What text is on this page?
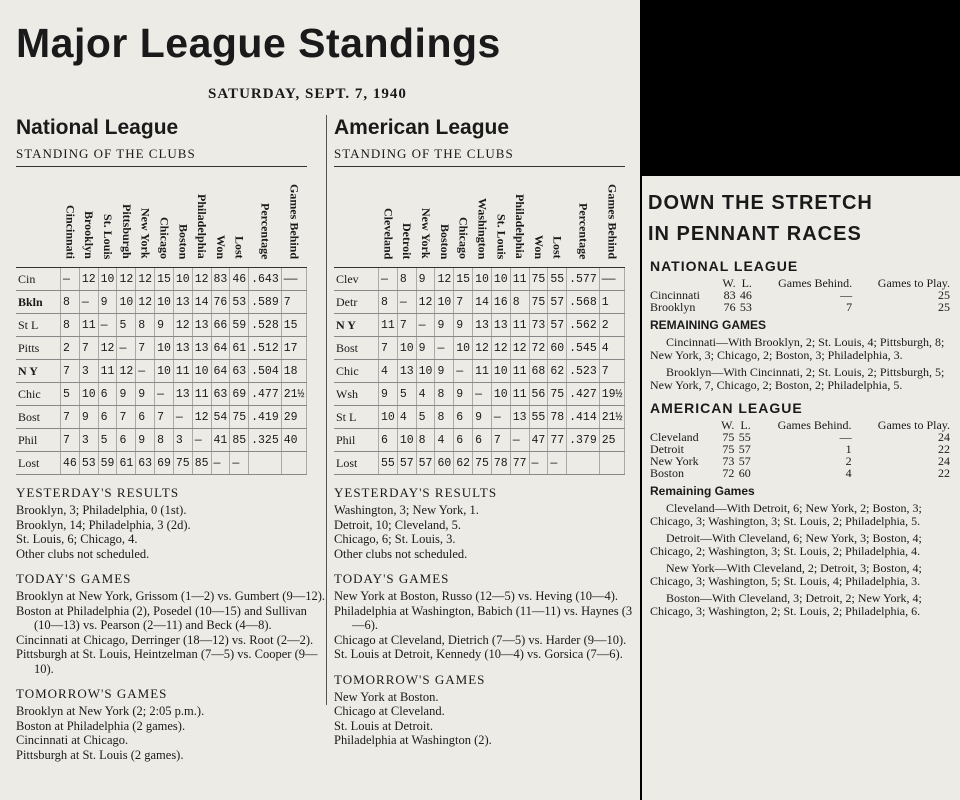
Major League Standings
SATURDAY, SEPT. 7, 1940
National League
STANDING OF THE CLUBS
	Cincinnati	Brooklyn	St. Louis	Pittsburgh	New York	Chicago	Boston	Philadelphia	Won	Lost	Percentage	Games Behind
Cin	—	12	10	12	12	15	10	12	83	46	.643	——
Bkln	8	—	9	10	12	10	13	14	76	53	.589	7
St L	8	11	—	5	8	9	12	13	66	59	.528	15
Pitts	2	7	12	—	7	10	13	13	64	61	.512	17
N Y	7	3	11	12	—	10	11	10	64	63	.504	18
Chic	5	10	6	9	9	—	13	11	63	69	.477	21½
Bost	7	9	6	7	6	7	—	12	54	75	.419	29
Phil	7	3	5	6	9	8	3	—	41	85	.325	40
Lost	46	53	59	61	63	69	75	85	—	—		
YESTERDAY'S RESULTS
Brooklyn, 3; Philadelphia, 0 (1st).
Brooklyn, 14; Philadelphia, 3 (2d).
St. Louis, 6; Chicago, 4.
Other clubs not scheduled.
TODAY'S GAMES
Brooklyn at New York, Grissom (1—2) vs. Gumbert (9—12).
Boston at Philadelphia (2), Posedel (10—15) and Sullivan (10—13) vs. Pearson (2—11) and Beck (4—8).
Cincinnati at Chicago, Derringer (18—12) vs. Root (2—2).
Pittsburgh at St. Louis, Heintzelman (7—5) vs. Cooper (9—10).
TOMORROW'S GAMES
Brooklyn at New York (2; 2:05 p.m.).
Boston at Philadelphia (2 games).
Cincinnati at Chicago.
Pittsburgh at St. Louis (2 games).
American League
STANDING OF THE CLUBS
	Cleveland	Detroit	New York	Boston	Chicago	Washington	St. Louis	Philadelphia	Won	Lost	Percentage	Games Behind
Clev	—	8	9	12	15	10	10	11	75	55	.577	——
Detr	8	—	12	10	7	14	16	8	75	57	.568	1
N Y	11	7	—	9	9	13	13	11	73	57	.562	2
Bost	7	10	9	—	10	12	12	12	72	60	.545	4
Chic	4	13	10	9	—	11	10	11	68	62	.523	7
Wsh	9	5	4	8	9	—	10	11	56	75	.427	19½
St L	10	4	5	8	6	9	—	13	55	78	.414	21½
Phil	6	10	8	4	6	6	7	—	47	77	.379	25
Lost	55	57	57	60	62	75	78	77	—	—		
YESTERDAY'S RESULTS
Washington, 3; New York, 1.
Detroit, 10; Cleveland, 5.
Chicago, 6; St. Louis, 3.
Other clubs not scheduled.
TODAY'S GAMES
New York at Boston, Russo (12—5) vs. Heving (10—4).
Philadelphia at Washington, Babich (11—11) vs. Haynes (3—6).
Chicago at Cleveland, Dietrich (7—5) vs. Harder (9—10).
St. Louis at Detroit, Kennedy (10—4) vs. Gorsica (7—6).
TOMORROW'S GAMES
New York at Boston.
Chicago at Cleveland.
St. Louis at Detroit.
Philadelphia at Washington (2).
DOWN THE STRETCH
IN PENNANT RACES
NATIONAL LEAGUE
	W.	L.	Games Behind.	Games to Play.
Cincinnati	83	46	—	25
Brooklyn	76	53	7	25
REMAINING GAMES
Cincinnati—With Brooklyn, 2; St. Louis, 4; Pittsburgh, 8; New York, 3; Chicago, 2; Boston, 3; Philadelphia, 3.
Brooklyn—With Cincinnati, 2; St. Louis, 2; Pittsburgh, 5; New York, 7, Chicago, 2; Boston, 2; Philadelphia, 5.
AMERICAN LEAGUE
	W.	L.	Games Behind.	Games to Play.
Cleveland	75	55	—	24
Detroit	75	57	1	22
New York	73	57	2	24
Boston	72	60	4	22
Remaining Games
Cleveland—With Detroit, 6; New York, 2; Boston, 3; Chicago, 3; Washington, 3; St. Louis, 2; Philadelphia, 5.
Detroit—With Cleveland, 6; New York, 3; Boston, 4; Chicago, 2; Washington, 3; St. Louis, 2; Philadelphia, 4.
New York—With Cleveland, 2; Detroit, 3; Boston, 4; Chicago, 3; Washington, 5; St. Louis, 4; Philadelphia, 3.
Boston—With Cleveland, 3; Detroit, 2; New York, 4; Chicago, 3; Washington, 2; St. Louis, 2; Philadelphia, 6.
